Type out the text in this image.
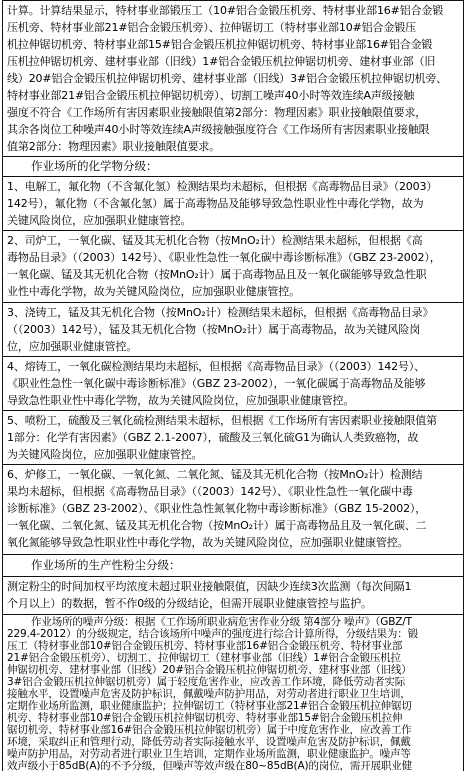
计算。计算结果显示，特材事业部锻压工（10#铝合金锻压机旁、特材事业部16#铝合金锻
压机旁、特材事业部21#铝合金锻压机旁）、拉伸锯切工（特材事业部10#铝合金锻压
机拉伸锯切机旁、特材事业部15#铝合金锻压机拉伸锯切机旁、特材事业部16#铝合金锻
压机拉伸锯切机旁、建材事业部（旧线）1#铝合金锻压机拉伸锯切机旁、建材事业部（旧
线）20#铝合金锻压机拉伸锯切机旁、建材事业部（旧线）3#铝合金锻压机拉伸锯切机旁、
特材事业部21#铝合金锻压机拉伸锯切机旁）、切割工噪声40小时等效连续A声级接触
强度不符合《工作场所有害因素职业接触限值第2部分：物理因素》职业接触限值要求，
其余各岗位工种噪声40小时等效连续A声级接触强度符合《工作场所有害因素职业接触限
值第2部分：物理因素》职业接触限值要求。
作业场所的化学物分级：
1、电解工，氟化物（不含氟化氢）检测结果均未超标，但根据《高毒物品目录》（2003）
142号），氟化物（不含氟化氢）属于高毒物品及能够导致急性职业性中毒化学物，故为
关键风险岗位，应加强职业健康管控。
2、司炉工，一氧化碳、锰及其无机化合物（按MnO₂计）检测结果未超标，但根据《高
毒物品目录》（（2003）142号）、《职业性急性一氧化碳中毒诊断标准》（GBZ 23-2002），
一氧化碳、锰及其无机化合物（按MnO₂计）属于高毒物品且及一氧化碳能够导致急性职
业性中毒化学物，故为关键风险岗位，应加强职业健康管控。
3、浇铸工，锰及其无机化合物（按MnO₂计）检测结果未超标，但根据《高毒物品目录》
（（2003）142号），锰及其无机化合物（按MnO₂计）属于高毒物品，故为关键风险岗
位，应加强职业健康管控。
4、熔铸工，一氧化碳检测结果均未超标，但根据《高毒物品目录》（（2003）142号）、
《职业性急性一氧化碳中毒诊断标准》（GBZ 23-2002），一氧化碳属于高毒物品及能够
导致急性职业性中毒化学物，故为关键风险岗位，应加强职业健康管控。
5、喷粉工，硫酸及三氧化硫检测结果未超标，但根据《工作场所有害因素职业接触限值第
1部分：化学有害因素》（GBZ 2.1-2007），硫酸及三氧化硫G1为确认人类致癌物，故
为关键风险岗位，应加强职业健康管控。
6、炉修工，一氧化碳、一氧化氮、二氧化氮、锰及其无机化合物（按MnO₂计）检测结
果均未超标，但根据《高毒物品目录》（（2003）142号）、《职业性急性一氧化碳中毒
诊断标准》（GBZ 23-2002）、《职业性急性氮氧化物中毒诊断标准》（GBZ 15-2002），
一氧化碳、二氧化氮、锰及其无机化合物（按MnO₂计）属于高毒物品且及一氧化碳、二
氧化氮能够导致急性职业性中毒化学物，故为关键风险岗位，应加强职业健康管控。
作业场所的生产性粉尘分级：
测定粉尘的时间加权平均浓度未超过职业接触限值，因缺少连续3次监测（每次间隔1
个月以上）的数据，暂不作0级的分级结论，但需开展职业健康管控与监护。
作业场所的噪声分级：根据《工作场所职业病危害作业分级 第4部分 噪声》（GBZ/T
229.4-2012）的分级规定，结合该场所中噪声的强度进行综合计算所得，分级结果为：锻
压工（特材事业部10#铝合金锻压机旁、特材事业部16#铝合金锻压机旁、特材事业部
21#铝合金锻压机旁）、切割工、拉伸锯切工（建材事业部（旧线）1#铝合金锻压机拉
伸锯切机旁、建材事业部（旧线）20#铝合金锻压机拉伸锯切机旁、建材事业部（旧线）
3#铝合金锻压机拉伸锯切机旁）属于轻度危害作业，应改善工作环境，降低劳动者实际
接触水平，设置噪声危害及防护标识，佩戴噪声防护用品，对劳动者进行职业卫生培训，
定期作业场所监测，职业健康监护；拉伸锯切工（特材事业部21#铝合金锻压机拉伸锯切
机旁、特材事业部10#铝合金锻压机拉伸锯切机旁、特材事业部15#铝合金锻压机拉伸
锯切机旁、特材事业部16#铝合金锻压机拉伸锯切机旁）属于中度危害作业，应改善工作
环境，采取纠正和管理行动，降低劳动者实际接触水平，设置噪声危害及防护标识，佩戴
噪声防护用品，对劳动者进行职业卫生培训，定期作业场所监测，职业健康监护。噪声等
效声级小于85dB(A)的不予分级，但噪声等效声级在80~85dB(A)的岗位，需开展职业健
